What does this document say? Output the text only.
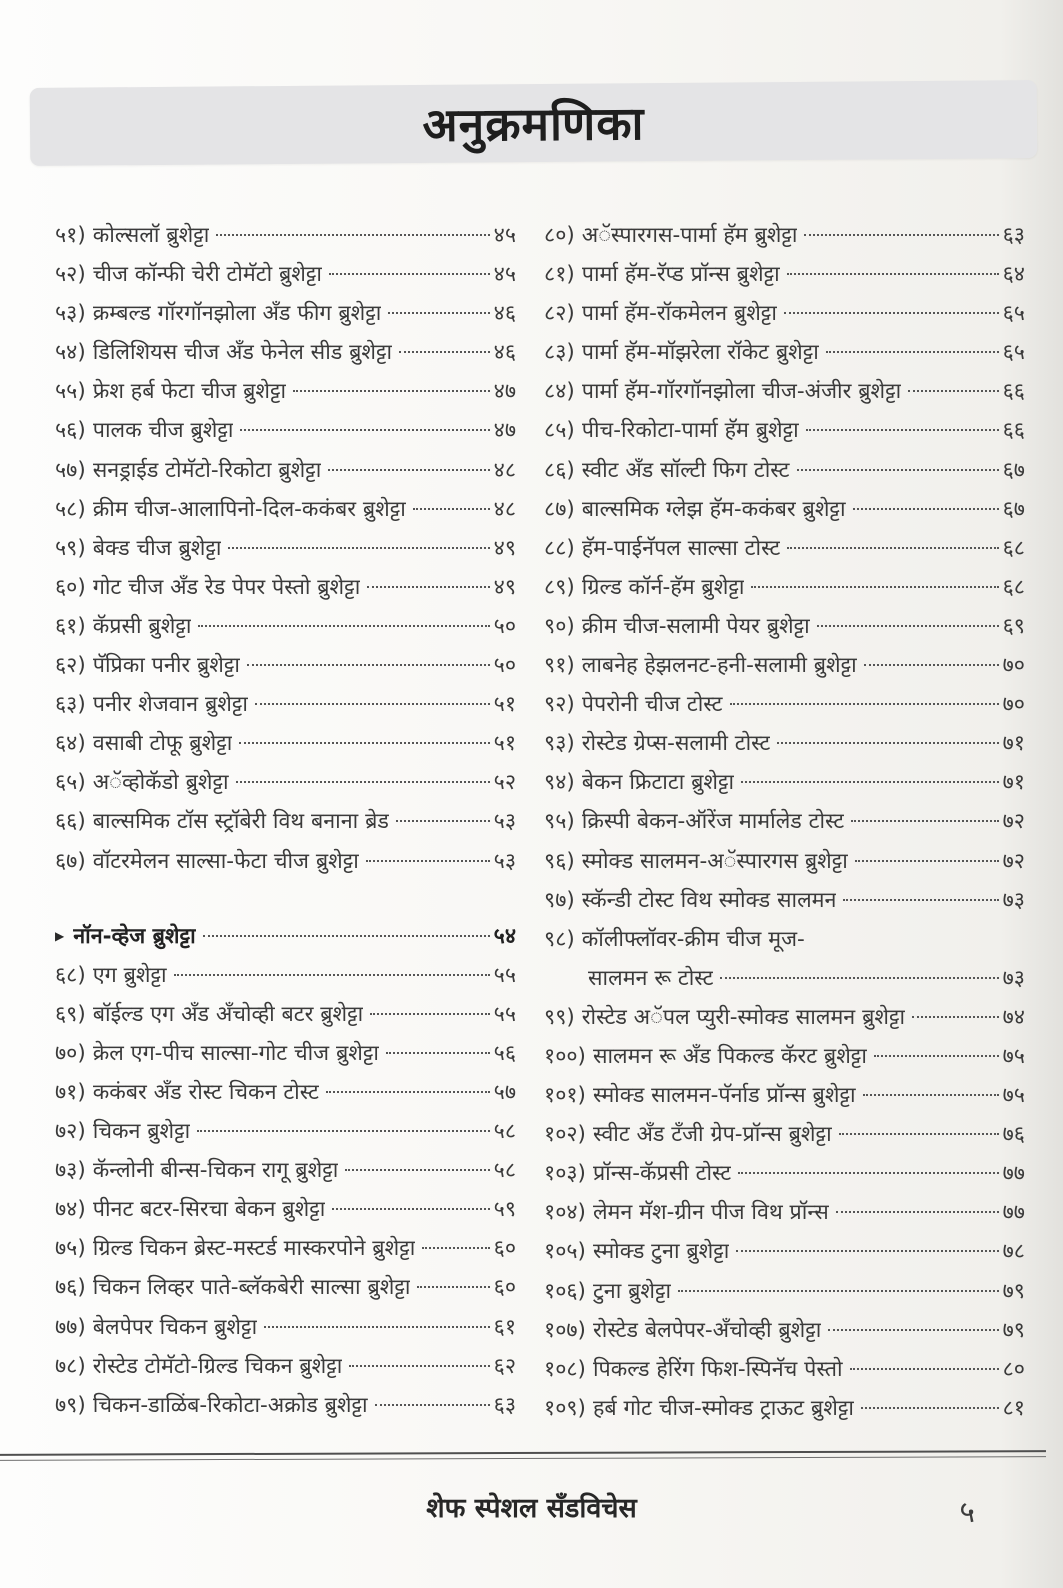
अनुक्रमणिका
५१) कोल्सलॉ ब्रुशेट्टा	४५
५२) चीज कॉन्फी चेरी टोमॅटो ब्रुशेट्टा	४५
५३) क्रम्बल्ड गॉरगॉनझोला अँड फीग ब्रुशेट्टा	४६
५४) डिलिशियस चीज अँड फेनेल सीड ब्रुशेट्टा	४६
५५) फ्रेश हर्ब फेटा चीज ब्रुशेट्टा	४७
५६) पालक चीज ब्रुशेट्टा	४७
५७) सनड्राईड टोमॅटो-रिकोटा ब्रुशेट्टा	४८
५८) क्रीम चीज-आलापिनो-दिल-ककंबर ब्रुशेट्टा	४८
५९) बेक्ड चीज ब्रुशेट्टा	४९
६०) गोट चीज अँड रेड पेपर पेस्तो ब्रुशेट्टा	४९
६१) कॅप्रसी ब्रुशेट्टा	५०
६२) पॅप्रिका पनीर ब्रुशेट्टा	५०
६३) पनीर शेजवान ब्रुशेट्टा	५१
६४) वसाबी टोफू ब्रुशेट्टा	५१
६५) अॅव्होकॅडो ब्रुशेट्टा	५२
६६) बाल्समिक टॉस स्ट्रॉबेरी विथ बनाना ब्रेड	५३
६७) वॉटरमेलन साल्सा-फेटा चीज ब्रुशेट्टा	५३
▶ नॉन-व्हेज ब्रुशेट्टा	५४
६८) एग ब्रुशेट्टा	५५
६९) बॉईल्ड एग अँड अँचोव्ही बटर ब्रुशेट्टा	५५
७०) क्रेल एग-पीच साल्सा-गोट चीज ब्रुशेट्टा	५६
७१) ककंबर अँड रोस्ट चिकन टोस्ट	५७
७२) चिकन ब्रुशेट्टा	५८
७३) कॅन्लोनी बीन्स-चिकन रागू ब्रुशेट्टा	५८
७४) पीनट बटर-सिरचा बेकन ब्रुशेट्टा	५९
७५) ग्रिल्ड चिकन ब्रेस्ट-मस्टर्ड मास्करपोने ब्रुशेट्टा	६०
७६) चिकन लिव्हर पाते-ब्लॅकबेरी साल्सा ब्रुशेट्टा	६०
७७) बेलपेपर चिकन ब्रुशेट्टा	६१
७८) रोस्टेड टोमॅटो-ग्रिल्ड चिकन ब्रुशेट्टा	६२
७९) चिकन-डाळिंब-रिकोटा-अक्रोड ब्रुशेट्टा	६३
८०) अॅस्पारगस-पार्मा हॅम ब्रुशेट्टा	६३
८१) पार्मा हॅम-रॅप्ड प्रॉन्स ब्रुशेट्टा	६४
८२) पार्मा हॅम-रॉकमेलन ब्रुशेट्टा	६५
८३) पार्मा हॅम-मॉझरेला रॉकेट ब्रुशेट्टा	६५
८४) पार्मा हॅम-गॉरगॉनझोला चीज-अंजीर ब्रुशेट्टा	६६
८५) पीच-रिकोटा-पार्मा हॅम ब्रुशेट्टा	६६
८६) स्वीट अँड सॉल्टी फिग टोस्ट	६७
८७) बाल्समिक ग्लेझ हॅम-ककंबर ब्रुशेट्टा	६७
८८) हॅम-पाईनॅपल साल्सा टोस्ट	६८
८९) ग्रिल्ड कॉर्न-हॅम ब्रुशेट्टा	६८
९०) क्रीम चीज-सलामी पेयर ब्रुशेट्टा	६९
९१) लाबनेह हेझलनट-हनी-सलामी ब्रुशेट्टा	७०
९२) पेपरोनी चीज टोस्ट	७०
९३) रोस्टेड ग्रेप्स-सलामी टोस्ट	७१
९४) बेकन फ्रिटाटा ब्रुशेट्टा	७१
९५) क्रिस्पी बेकन-ऑरेंज मार्मालेड टोस्ट	७२
९६) स्मोक्ड सालमन-अॅस्पारगस ब्रुशेट्टा	७२
९७) स्कॅन्डी टोस्ट विथ स्मोक्ड सालमन	७३
९८) कॉलीफ्लॉवर-क्रीम चीज मूज-
सालमन रू टोस्ट	७३
९९) रोस्टेड अॅपल प्युरी-स्मोक्ड सालमन ब्रुशेट्टा	७४
१००) सालमन रू अँड पिकल्ड कॅरट ब्रुशेट्टा	७५
१०१) स्मोक्ड सालमन-पॅर्नाड प्रॉन्स ब्रुशेट्टा	७५
१०२) स्वीट अँड टँजी ग्रेप-प्रॉन्स ब्रुशेट्टा	७६
१०३) प्रॉन्स-कॅप्रसी टोस्ट	७७
१०४) लेमन मॅश-ग्रीन पीज विथ प्रॉन्स	७७
१०५) स्मोक्ड टुना ब्रुशेट्टा	७८
१०६) टुना ब्रुशेट्टा	७९
१०७) रोस्टेड बेलपेपर-अँचोव्ही ब्रुशेट्टा	७९
१०८) पिकल्ड हेरिंग फिश-स्पिनॅच पेस्तो	८०
१०९) हर्ब गोट चीज-स्मोक्ड ट्राऊट ब्रुशेट्टा	८१
शेफ स्पेशल सँडविचेस	५
